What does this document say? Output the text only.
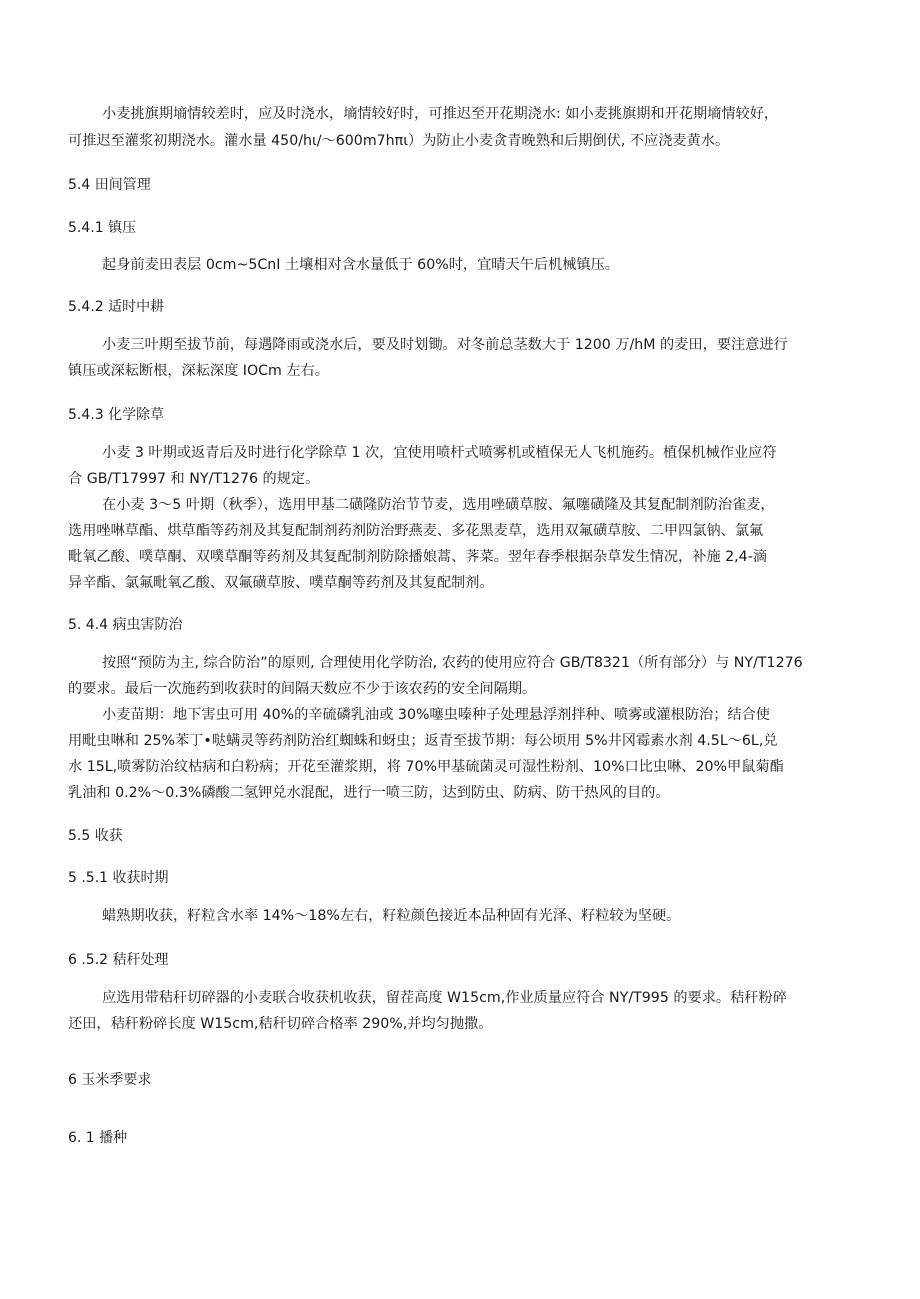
小麦挑旗期墒情较差时，应及时浇水，墒情较好时，可推迟至开花期浇水: 如小麦挑旗期和开花期墒情较好，
可推迟至灌浆初期浇水。灌水量 450∕hι∕～600m7hπι）为防止小麦贪青晚熟和后期倒伏, 不应浇麦黄水。
5.4 田间管理
5.4.1 镇压
起身前麦田表层 0cm~5CnI 土壤相对含水量低于 60%时，宜晴天午后机械镇压。
5.4.2 适时中耕
小麦三叶期至拔节前，每遇降雨或浇水后，要及时划锄。对冬前总茎数大于 1200 万/hM 的麦田，要注意进行
镇压或深耘断根，深耘深度 IOCm 左右。
5.4.3 化学除草
小麦 3 叶期或返青后及时进行化学除草 1 次，宜使用喷杆式喷雾机或植保无人飞机施药。植保机械作业应符
合 GB/T17997 和 NY/T1276 的规定。
在小麦 3～5 叶期（秋季），选用甲基二磺隆防治节节麦，选用唑磺草胺、氟噻磺隆及其复配制剂防治雀麦，
选用唑啉草酯、烘草酯等药剂及其复配制剂药剂防治野燕麦、多花黑麦草，选用双氟磺草胺、二甲四氯钠、氯氟
毗氧乙酸、噗草酮、双噗草酮等药剂及其复配制剂防除播娘蒿、荠菜。翌年春季根据杂草发生情况，补施 2,4-滴
异辛酯、氯氟毗氧乙酸、双氟磺草胺、噗草酮等药剂及其复配制剂。
5. 4.4 病虫害防治
按照“预防为主, 综合防治”的原则, 合理使用化学防治, 农药的使用应符合 GB/T8321（所有部分）与 NY/T1276
的要求。最后一次施药到收获时的间隔天数应不少于该农药的安全间隔期。
小麦苗期：地下害虫可用 40%的辛硫磷乳油或 30%噻虫嗪种子处理悬浮剂拌种、喷雾或灌根防治；结合使
用毗虫啉和 25%苯丁•哒螨灵等药剂防治红蜘蛛和蚜虫；返青至拔节期：每公顷用 5%井冈霉素水剂 4.5L～6L,兑
水 15L,喷雾防治纹枯病和白粉病；开花至灌浆期，将 70%甲基硫菌灵可湿性粉剂、10%口比虫啉、20%甲鼠菊酯
乳油和 0.2%～0.3%磷酸二氢钾兑水混配，进行一喷三防，达到防虫、防病、防干热风的目的。
5.5 收获
5 .5.1 收获时期
蜡熟期收获，籽粒含水率 14%～18%左右，籽粒颜色接近本品种固有光泽、籽粒较为坚硬。
6 .5.2 秸秆处理
应选用带秸秆切碎器的小麦联合收获机收获，留茬高度 W15cm,作业质量应符合 NY/T995 的要求。秸秆粉碎
还田，秸秆粉碎长度 W15cm,秸秆切碎合格率 290%,并均匀抛撒。
6 玉米季要求
6. 1 播种
